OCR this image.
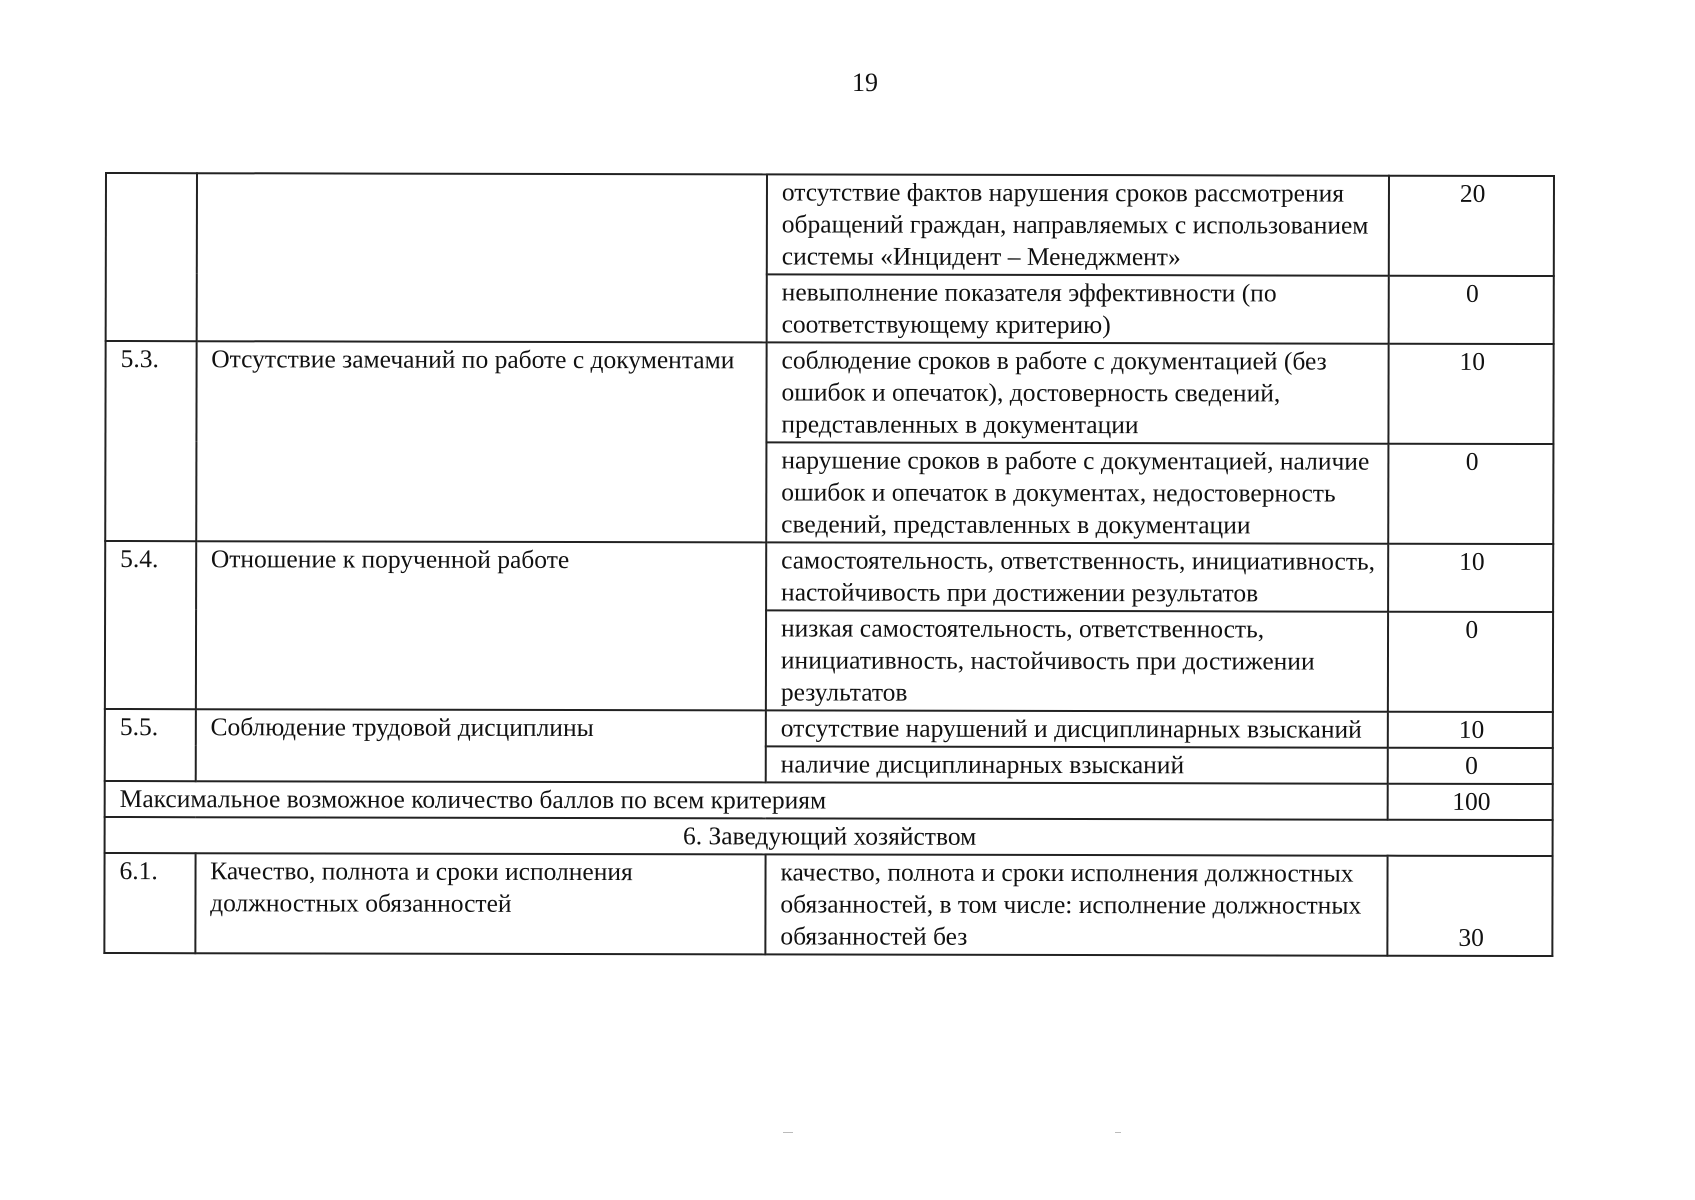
19
		отсутствие фактов нарушения сроков рассмотрения обращений граждан, направляемых с использованием системы «Инцидент – Менеджмент»	20
		невыполнение показателя эффективности (по соответствующему критерию)	0
5.3.	Отсутствие замечаний по работе с документами	соблюдение сроков в работе с документацией (без ошибок и опечаток), достоверность сведений, представленных в документации	10
		нарушение сроков в работе с документацией, наличие ошибок и опечаток в документах, недостоверность сведений, представленных в документации	0
5.4.	Отношение к порученной работе	самостоятельность, ответственность, инициативность, настойчивость при достижении результатов	10
		низкая самостоятельность, ответственность, инициативность, настойчивость при достижении результатов	0
5.5.	Соблюдение трудовой дисциплины	отсутствие нарушений и дисциплинарных взысканий	10
		наличие дисциплинарных взысканий	0
Максимальное возможное количество баллов по всем критериям			100
6. Заведующий хозяйством			
6.1.	Качество, полнота и сроки исполнения должностных обязанностей	качество, полнота и сроки исполнения должностных обязанностей, в том числе: исполнение должностных обязанностей без	30
